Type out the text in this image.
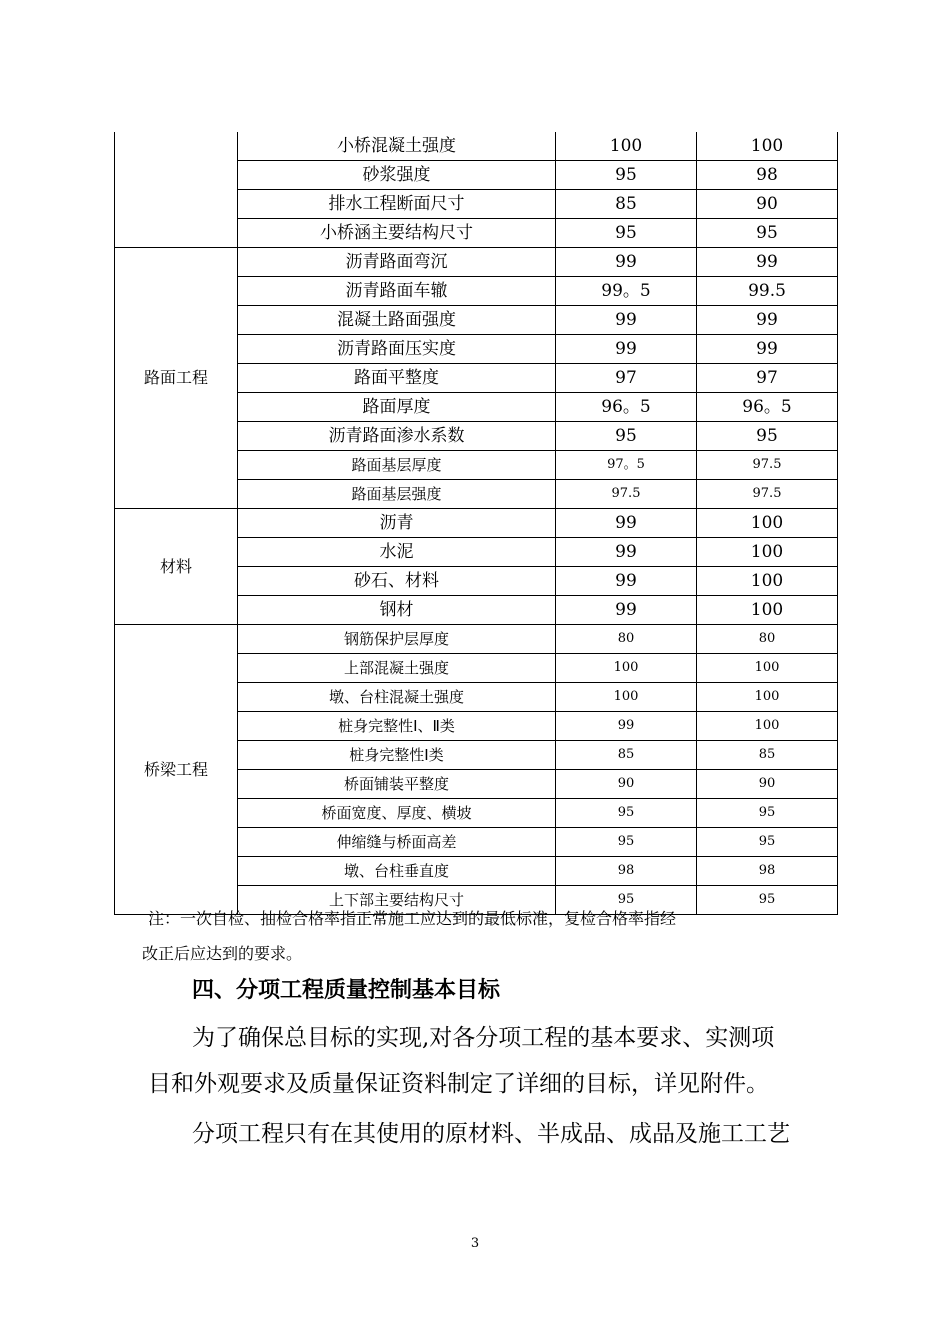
	小桥混凝土强度	100	100
	砂浆强度	95	98
	排水工程断面尺寸	85	90
	小桥涵主要结构尺寸	95	95
路面工程	沥青路面弯沉	99	99
	沥青路面车辙	99。5	99.5
	混凝土路面强度	99	99
	沥青路面压实度	99	99
	路面平整度	97	97
	路面厚度	96。5	96。5
	沥青路面渗水系数	95	95
	路面基层厚度	97。5	97.5
	路面基层强度	97.5	97.5
材料	沥青	99	100
	水泥	99	100
	砂石、材料	99	100
	钢材	99	100
桥梁工程	钢筋保护层厚度	80	80
	上部混凝土强度	100	100
	墩、台柱混凝土强度	100	100
	桩身完整性Ⅰ、Ⅱ类	99	100
	桩身完整性Ⅰ类	85	85
	桥面铺装平整度	90	90
	桥面宽度、厚度、横坡	95	95
	伸缩缝与桥面高差	95	95
	墩、台柱垂直度	98	98
	上下部主要结构尺寸	95	95
注：一次自检、抽检合格率指正常施工应达到的最低标准，复检合格率指经
改正后应达到的要求。
四、分项工程质量控制基本目标
为了确保总目标的实现,对各分项工程的基本要求、实测项
目和外观要求及质量保证资料制定了详细的目标，详见附件。
分项工程只有在其使用的原材料、半成品、成品及施工工艺
3
